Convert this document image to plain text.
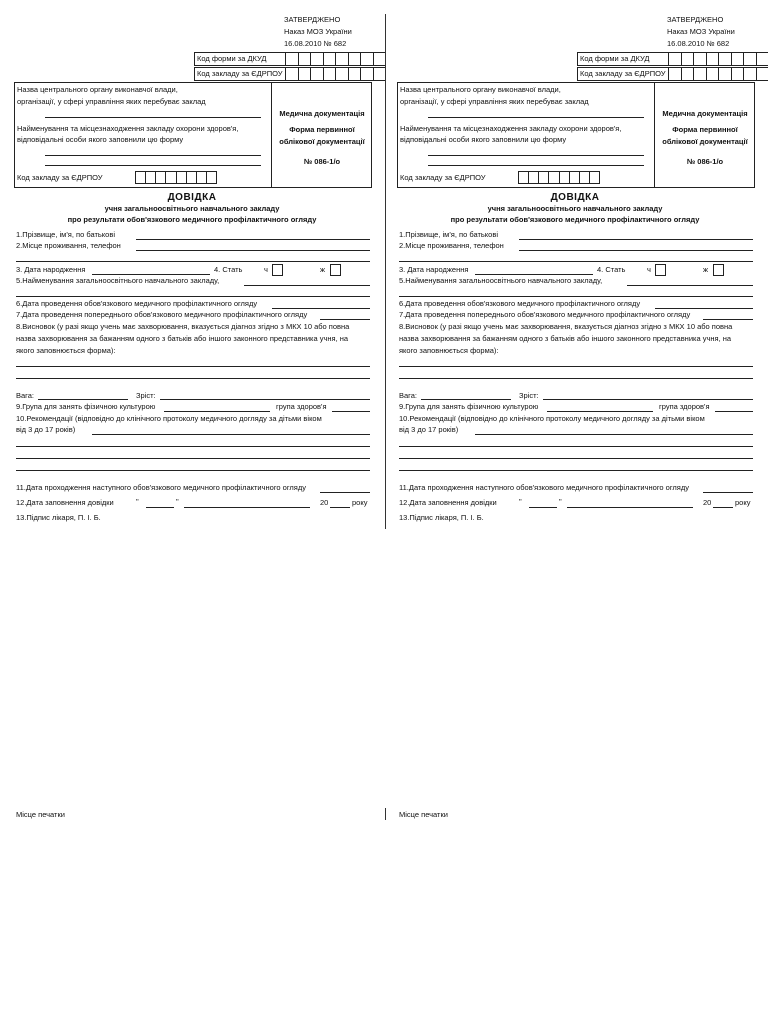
ЗАТВЕРДЖЕНО
Наказ МОЗ України
16.08.2010 № 682
Код форми за ДКУД
Код закладу за ЄДРПОУ
Назва центрального органу виконавчої влади,
організації, у сфері управління яких перебуває заклад
Найменування та місцезнаходження закладу охорони здоров'я,
відповідальні особи якого заповнили цю форму
Код закладу за ЄДРПОУ
Медична документація
Форма первинної
облікової документації
№ 086-1/о
ДОВІДКА
учня загальноосвітнього навчального закладу
про результати обов'язкового медичного профілактичного огляду
1.Прізвище, ім'я, по батькові
2.Місце проживання, телефон
3. Дата народження	4. Стать	ч	ж
5.Найменування загальноосвітнього навчального закладу,
6.Дата проведення обов'язкового медичного профілактичного огляду
7.Дата проведення попереднього обов'язкового медичного профілактичного огляду
8.Висновок (у разі якщо учень має захворювання, вказується діагноз згідно з МКХ 10 або повна
назва захворювання за бажанням одного з батьків або іншого законного представника учня, на
якого заповнюється форма):
Вага:	Зріст:
9.Група для занять фізичною культурою	група здоров'я
10.Рекомендації (відповідно до клінічного протоколу медичного догляду за дітьми віком
від 3 до 17 років)
11.Дата проходження наступного обов'язкового медичного профілактичного огляду
12.Дата заповнення довідки	"	"	20	року
13.Підпис лікаря, П. І. Б.
Місце печатки
ЗАТВЕРДЖЕНО
Наказ МОЗ України
16.08.2010 № 682
Код форми за ДКУД
Код закладу за ЄДРПОУ
Назва центрального органу виконавчої влади,
організації, у сфері управління яких перебуває заклад
Найменування та місцезнаходження закладу охорони здоров'я,
відповідальні особи якого заповнили цю форму
Код закладу за ЄДРПОУ
Медична документація
Форма первинної
облікової документації
№ 086-1/о
ДОВІДКА
учня загальноосвітнього навчального закладу
про результати обов'язкового медичного профілактичного огляду
1.Прізвище, ім'я, по батькові
2.Місце проживання, телефон
3. Дата народження	4. Стать	ч	ж
5.Найменування загальноосвітнього навчального закладу,
6.Дата проведення обов'язкового медичного профілактичного огляду
7.Дата проведення попереднього обов'язкового медичного профілактичного огляду
8.Висновок (у разі якщо учень має захворювання, вказується діагноз згідно з МКХ 10 або повна
назва захворювання за бажанням одного з батьків або іншого законного представника учня, на
якого заповнюється форма):
Вага:	Зріст:
9.Група для занять фізичною культурою	група здоров'я
10.Рекомендації (відповідно до клінічного протоколу медичного догляду за дітьми віком
від 3 до 17 років)
11.Дата проходження наступного обов'язкового медичного профілактичного огляду
12.Дата заповнення довідки	"	"	20	року
13.Підпис лікаря, П. І. Б.
Місце печатки
